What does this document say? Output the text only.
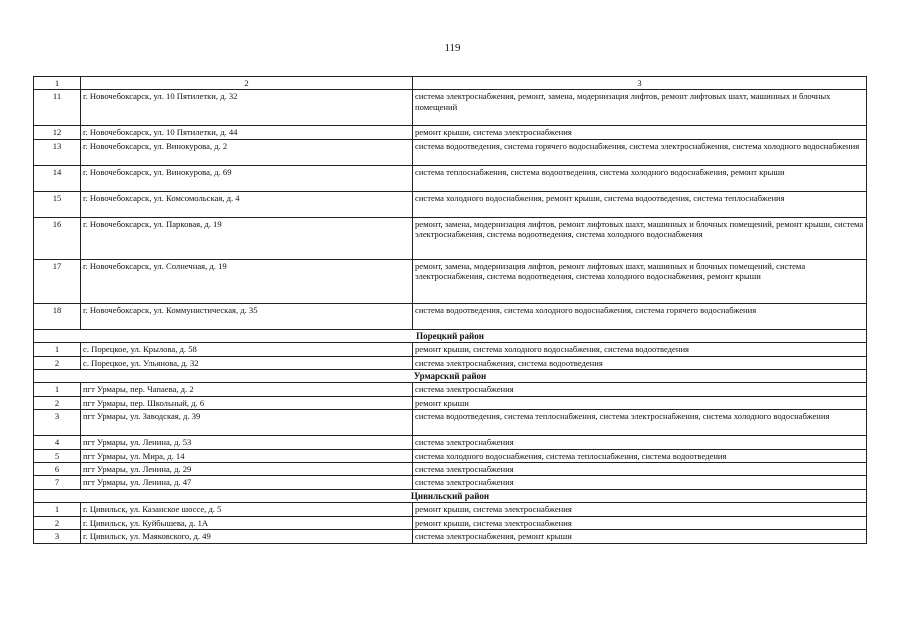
119
1	2	3
11	г. Новочебоксарск, ул. 10 Пятилетки, д. 32	система электроснабжения, ремонт, замена, модернизация лифтов, ремонт лифтовых шахт, машинных и блочных помещений
12	г. Новочебоксарск, ул. 10 Пятилетки, д. 44	ремонт крыши, система электроснабжения
13	г. Новочебоксарск, ул. Винокурова, д. 2	система водоотведения, система горячего водоснабжения, система электроснабжения, система холодного водоснабжения
14	г. Новочебоксарск, ул. Винокурова, д. 69	система теплоснабжения, система водоотведения, система холодного водоснабжения, ремонт крыши
15	г. Новочебоксарск, ул. Комсомольская, д. 4	система холодного водоснабжения, ремонт крыши, система водоотведения, система теплоснабжения
16	г. Новочебоксарск, ул. Парковая, д. 19	ремонт, замена, модернизация лифтов, ремонт лифтовых шахт, машинных и блочных помещений, ремонт крыши, система электроснабжения, система водоотведения, система холодного водоснабжения
17	г. Новочебоксарск, ул. Солнечная, д. 19	ремонт, замена, модернизация лифтов, ремонт лифтовых шахт, машинных и блочных помещений, система электроснабжения, система водоотведения, система холодного водоснабжения, ремонт крыши
18	г. Новочебоксарск, ул. Коммунистическая, д. 35	система водоотведения, система холодного водоснабжения, система горячего водоснабжения
Порецкий район		
1	с. Порецкое, ул. Крылова, д. 58	ремонт крыши, система холодного водоснабжения, система водоотведения
2	с. Порецкое, ул. Ульянова, д. 32	система электроснабжения, система водоотведения
Урмарский район		
1	пгт Урмары, пер. Чапаева, д. 2	система электроснабжения
2	пгт Урмары, пер. Школьный, д. 6	ремонт крыши
3	пгт Урмары, ул. Заводская, д. 39	система водоотведения, система теплоснабжения, система электроснабжения, система холодного водоснабжения
4	пгт Урмары, ул. Ленина, д. 53	система электроснабжения
5	пгт Урмары, ул. Мира, д. 14	система холодного водоснабжения, система теплоснабжения, система водоотведения
6	пгт Урмары, ул. Ленина, д. 29	система электроснабжения
7	пгт Урмары, ул. Ленина, д. 47	система электроснабжения
Цивильский район		
1	г. Цивильск, ул. Казанское шоссе, д. 5	ремонт крыши, система электроснабжения
2	г. Цивильск, ул. Куйбышева, д. 1А	ремонт крыши, система электроснабжения
3	г. Цивильск, ул. Маяковского, д. 49	система электроснабжения, ремонт крыши
